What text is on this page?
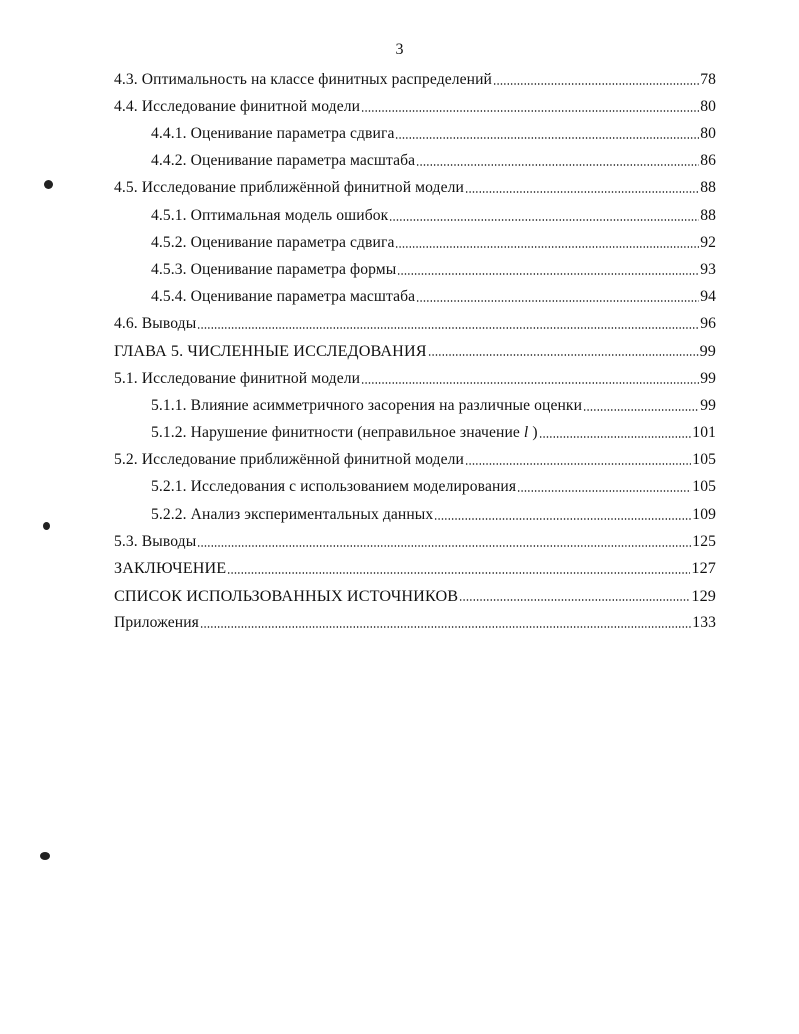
3
4.3. Оптимальность на классе финитных распределений	78
4.4. Исследование финитной модели	80
4.4.1. Оценивание параметра сдвига	80
4.4.2. Оценивание параметра масштаба	86
4.5. Исследование приближённой финитной модели	88
4.5.1. Оптимальная модель ошибок	88
4.5.2. Оценивание параметра сдвига	92
4.5.3. Оценивание параметра формы	93
4.5.4. Оценивание параметра масштаба	94
4.6. Выводы	96
ГЛАВА 5. ЧИСЛЕННЫЕ ИССЛЕДОВАНИЯ	99
5.1. Исследование финитной модели	99
5.1.1. Влияние асимметричного засорения на различные оценки	99
5.1.2. Нарушение финитности (неправильное значение l )	101
5.2. Исследование приближённой финитной модели	105
5.2.1. Исследования с использованием моделирования	105
5.2.2. Анализ экспериментальных данных	109
5.3. Выводы	125
ЗАКЛЮЧЕНИЕ	127
СПИСОК ИСПОЛЬЗОВАННЫХ ИСТОЧНИКОВ	129
Приложения	133
